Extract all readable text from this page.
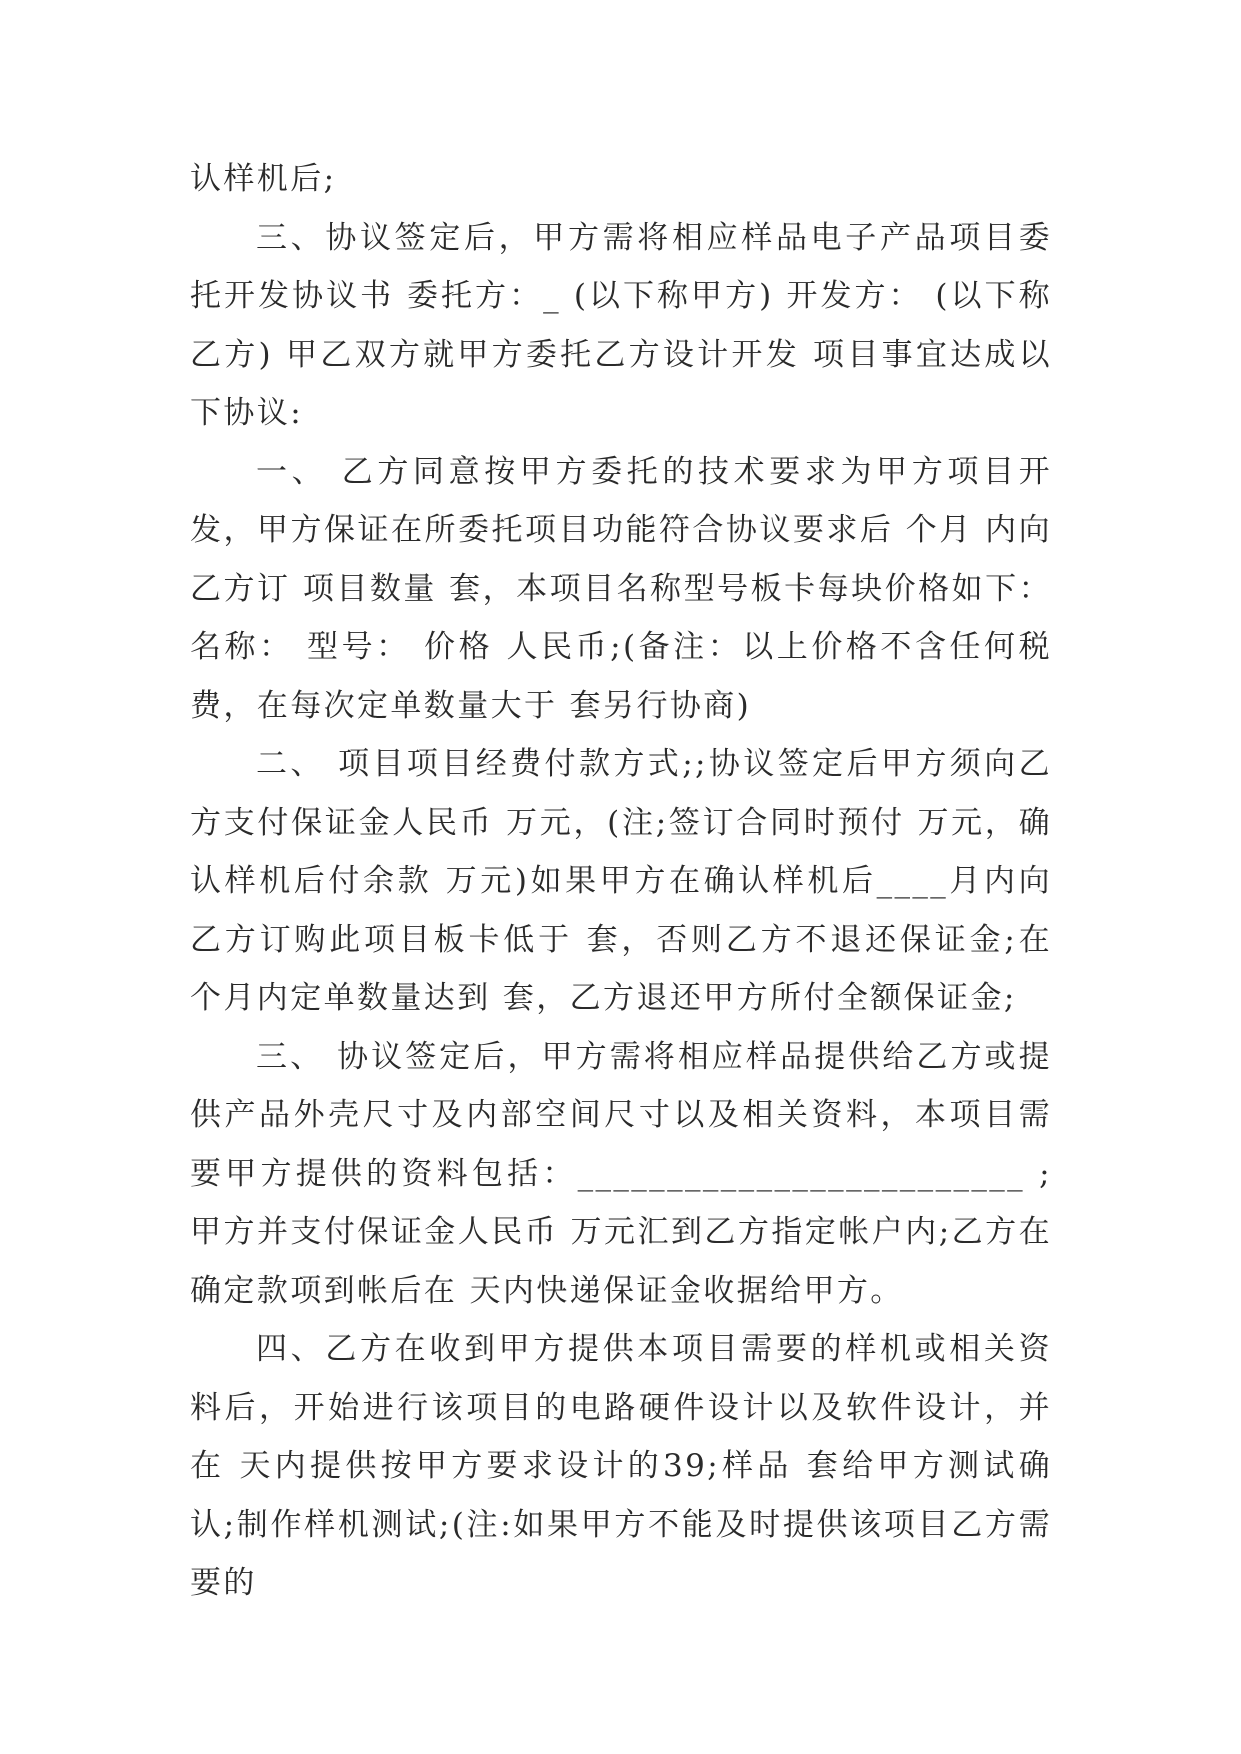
认样机后;

三、协议签定后，甲方需将相应样品电子产品项目委托开发协议书 委托方：_ (以下称甲方) 开发方： (以下称乙方) 甲乙双方就甲方委托乙方设计开发 项目事宜达成以下协议:

一、 乙方同意按甲方委托的技术要求为甲方项目开发，甲方保证在所委托项目功能符合协议要求后 个月 内向乙方订 项目数量 套，本项目名称型号板卡每块价格如下：名称： 型号： 价格 人民币;(备注：以上价格不含任何税费，在每次定单数量大于 套另行协商)

二、 项目项目经费付款方式;;协议签定后甲方须向乙方支付保证金人民币 万元，(注;签订合同时预付 万元，确认样机后付余款 万元)如果甲方在确认样机后____月内向乙方订购此项目板卡低于 套，否则乙方不退还保证金;在 个月内定单数量达到 套，乙方退还甲方所付全额保证金;

三、 协议签定后，甲方需将相应样品提供给乙方或提供产品外壳尺寸及内部空间尺寸以及相关资料，本项目需要甲方提供的资料包括：_________________________ ;甲方并支付保证金人民币 万元汇到乙方指定帐户内;乙方在确定款项到帐后在 天内快递保证金收据给甲方。

四、乙方在收到甲方提供本项目需要的样机或相关资料后，开始进行该项目的电路硬件设计以及软件设计，并 在 天内提供按甲方要求设计的39;样品 套给甲方测试确认;制作样机测试;(注:如果甲方不能及时提供该项目乙方需要的
